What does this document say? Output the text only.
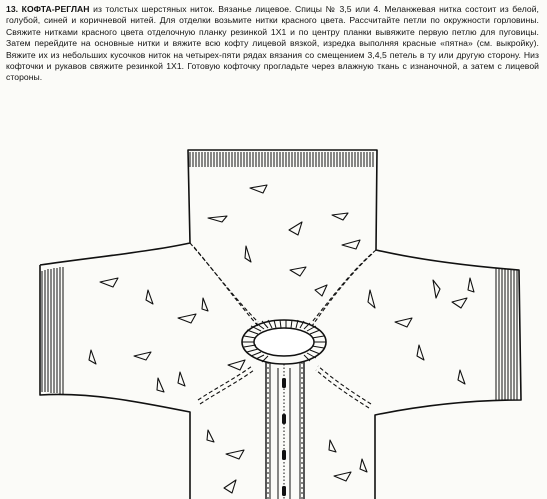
13. КОФТА-РЕГЛАН из толстых шерстяных ниток. Вязанье лицевое. Спицы № 3,5 или 4. Меланжевая нитка состоит из белой, голубой, синей и коричневой нитей. Для отделки возьмите нитки красного цвета. Рассчитайте петли по окружности горловины. Свяжите нитками красного цвета отделочную планку резинкой 1Х1 и по центру планки вывяжите первую петлю для пуговицы. Затем перейдите на основные нитки и вяжите всю кофту лицевой вязкой, изредка выполняя красные «пятна» (см. выкройку). Вяжите их из небольших кусочков ниток на четырех-пяти рядах вязания со смещением 3,4,5 петель в ту или другую сторону. Низ кофточки и рукавов свяжите резинкой 1Х1. Готовую кофточку прогладьте через влажную ткань с изнаночной, а затем с лицевой стороны.
